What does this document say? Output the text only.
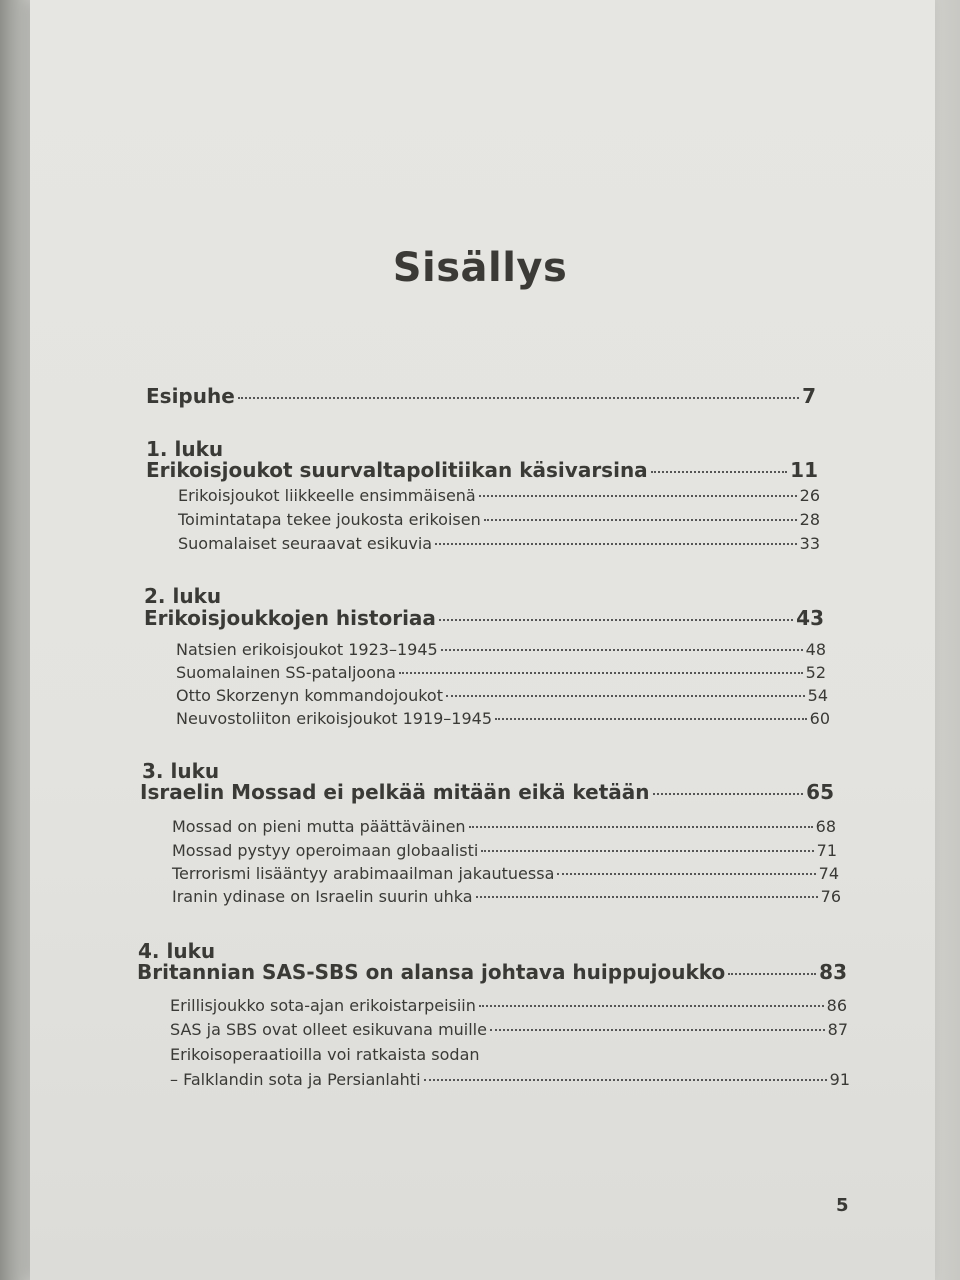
Sisällys
Esipuhe	7
1. luku
Erikoisjoukot suurvaltapolitiikan käsivarsina	11
Erikoisjoukot liikkeelle ensimmäisenä	26
Toimintatapa tekee joukosta erikoisen	28
Suomalaiset seuraavat esikuvia	33
2. luku
Erikoisjoukkojen historiaa	43
Natsien erikoisjoukot 1923–1945	48
Suomalainen SS-pataljoona	52
Otto Skorzenyn kommandojoukot	54
Neuvostoliiton erikoisjoukot 1919–1945	60
3. luku
Israelin Mossad ei pelkää mitään eikä ketään	65
Mossad on pieni mutta päättäväinen	68
Mossad pystyy operoimaan globaalisti	71
Terrorismi lisääntyy arabimaailman jakautuessa	74
Iranin ydinase on Israelin suurin uhka	76
4. luku
Britannian SAS-SBS on alansa johtava huippujoukko	83
Erillisjoukko sota-ajan erikoistarpeisiin	86
SAS ja SBS ovat olleet esikuvana muille	87
Erikoisoperaatioilla voi ratkaista sodan
– Falklandin sota ja Persianlahti	91
5
